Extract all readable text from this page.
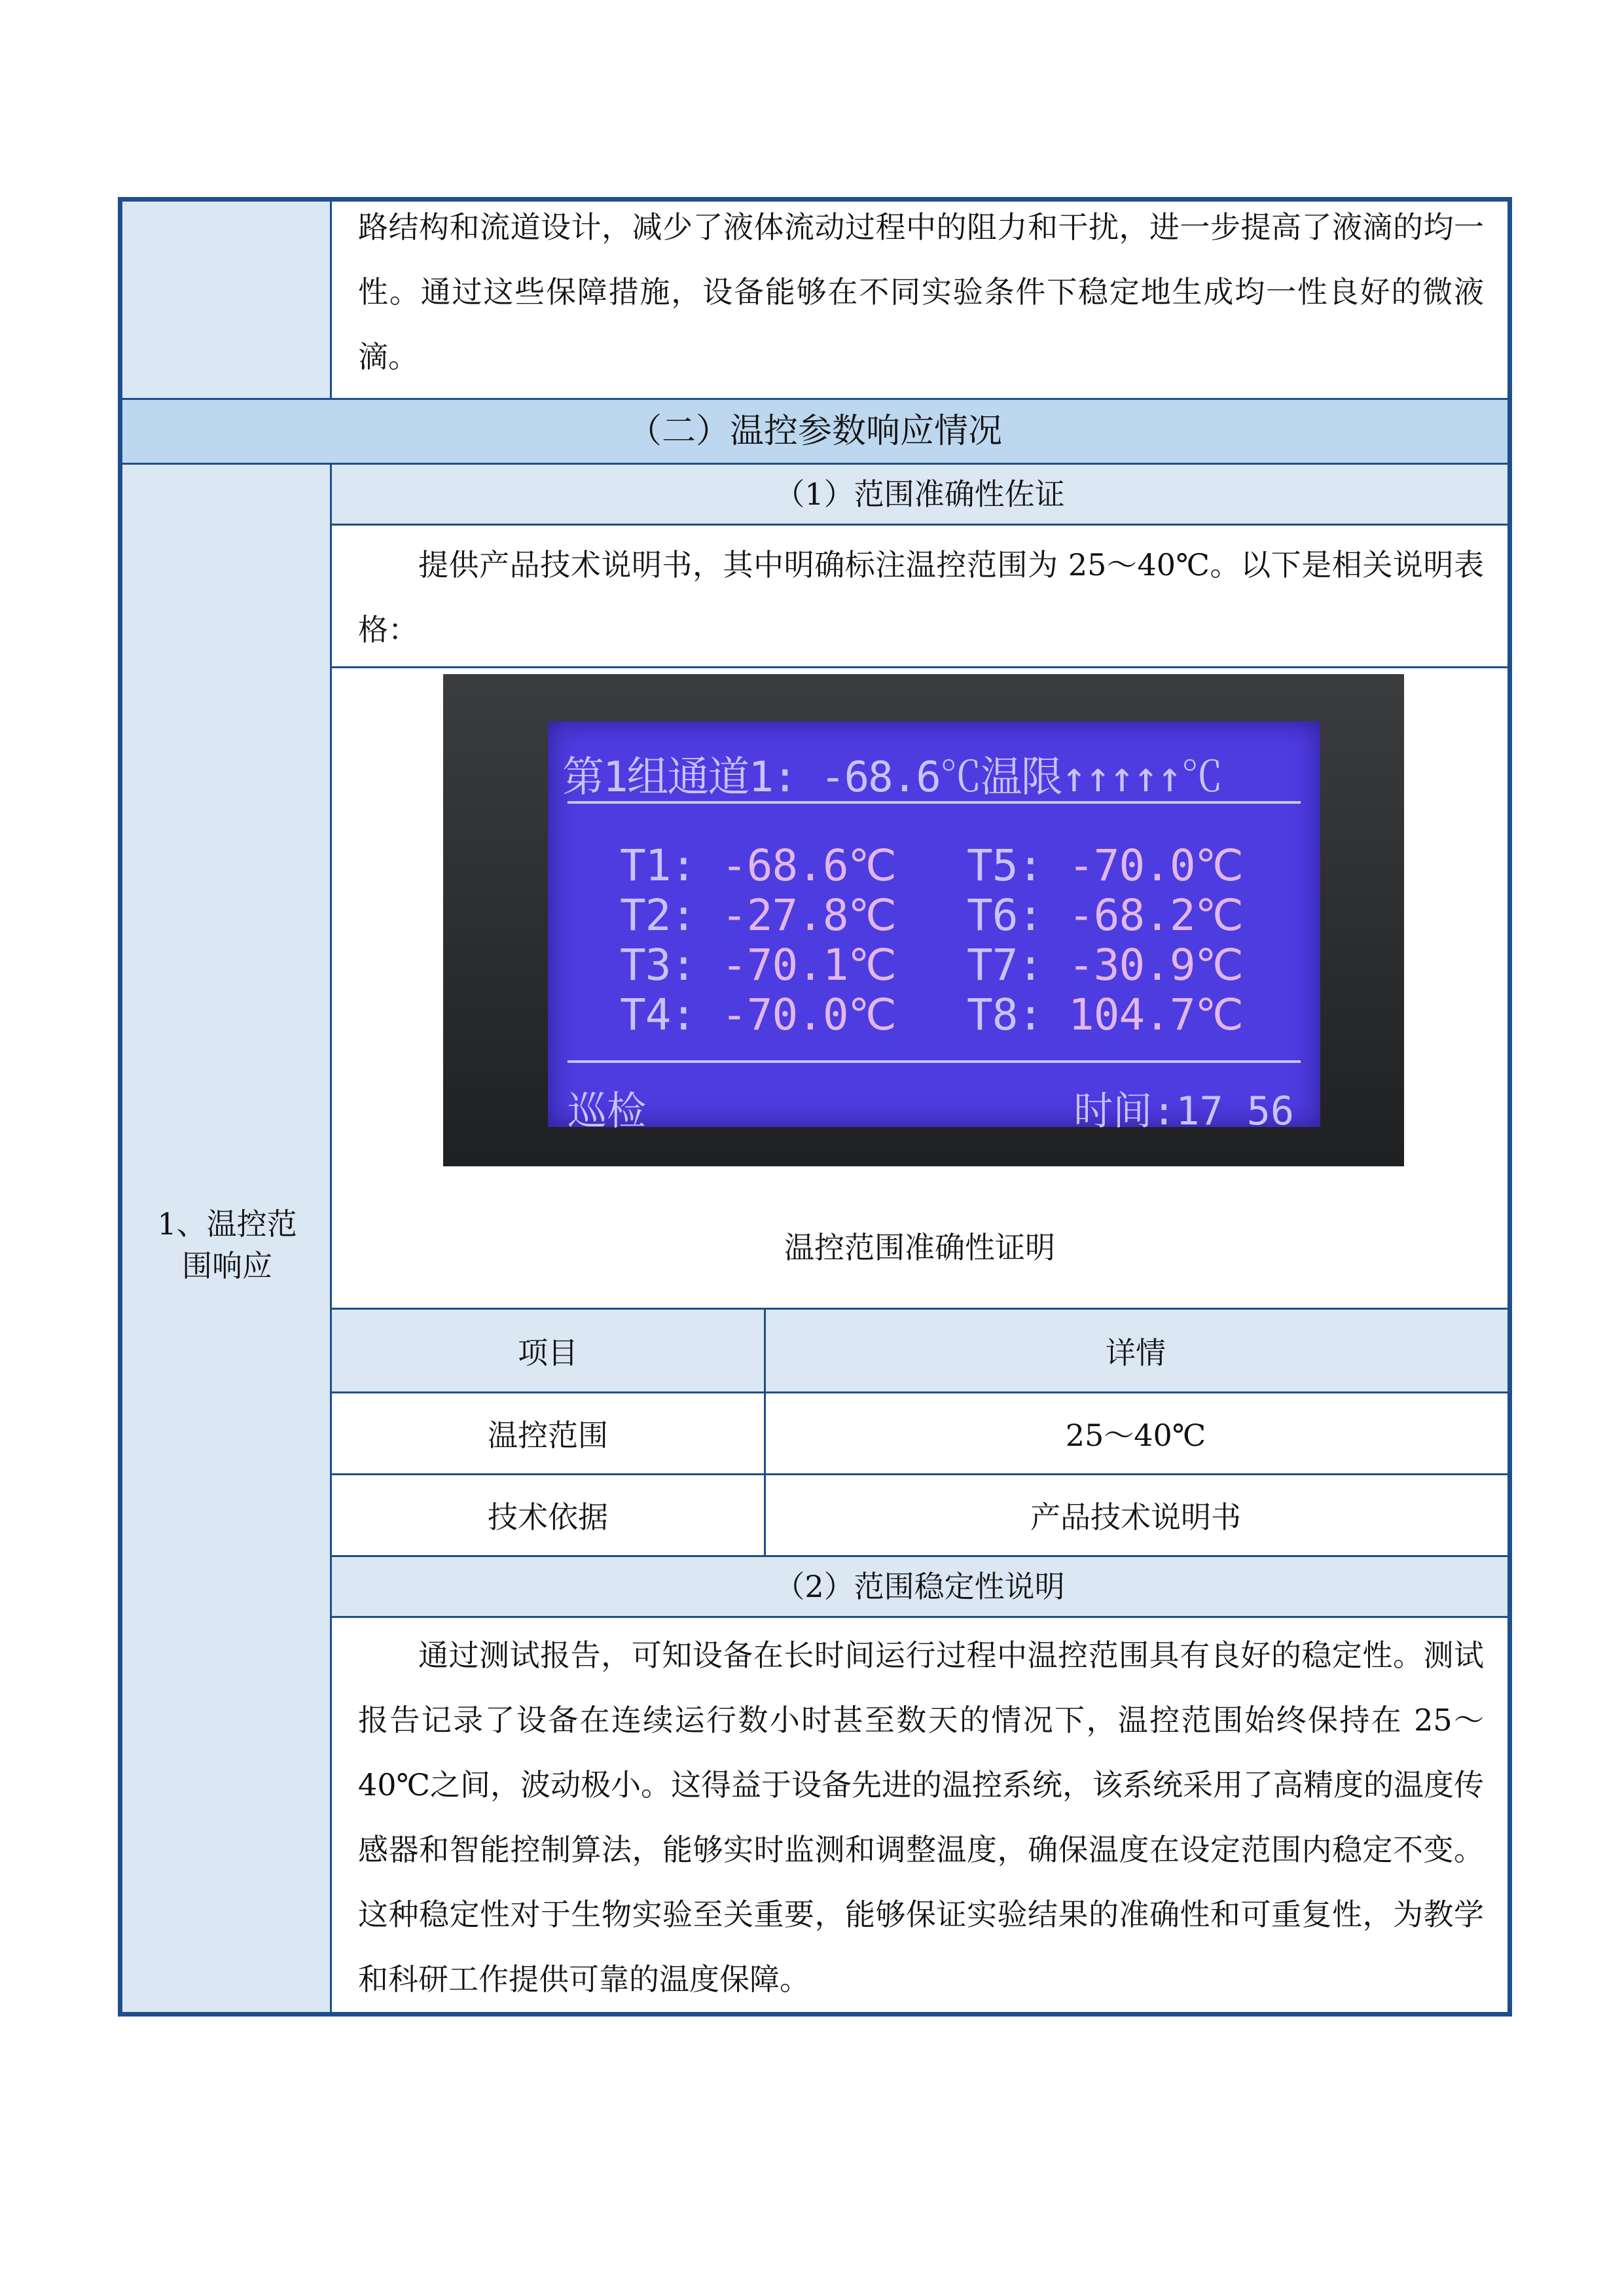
路结构和流道设计，减少了液体流动过程中的阻力和干扰，进一步提高了液滴的均一性。通过这些保障措施，设备能够在不同实验条件下稳定地生成均一性良好的微液滴。
（二）温控参数响应情况
1、温控范
围响应
（1）范围准确性佐证
提供产品技术说明书，其中明确标注温控范围为 25～40℃。以下是相关说明表格：
第1组通道1: -68.6℃温限↑↑↑↑↑℃
T1: -68.6℃
T2: -27.8℃
T3: -70.1℃
T4: -70.0℃
T5: -70.0℃
T6: -68.2℃
T7: -30.9℃
T8: 104.7℃
巡检	时间:17 56
温控范围准确性证明
项目	详情
温控范围	25～40℃
技术依据	产品技术说明书
（2）范围稳定性说明
通过测试报告，可知设备在长时间运行过程中温控范围具有良好的稳定性。测试报告记录了设备在连续运行数小时甚至数天的情况下，温控范围始终保持在 25～40℃之间，波动极小。这得益于设备先进的温控系统，该系统采用了高精度的温度传感器和智能控制算法，能够实时监测和调整温度，确保温度在设定范围内稳定不变。这种稳定性对于生物实验至关重要，能够保证实验结果的准确性和可重复性，为教学和科研工作提供可靠的温度保障。
